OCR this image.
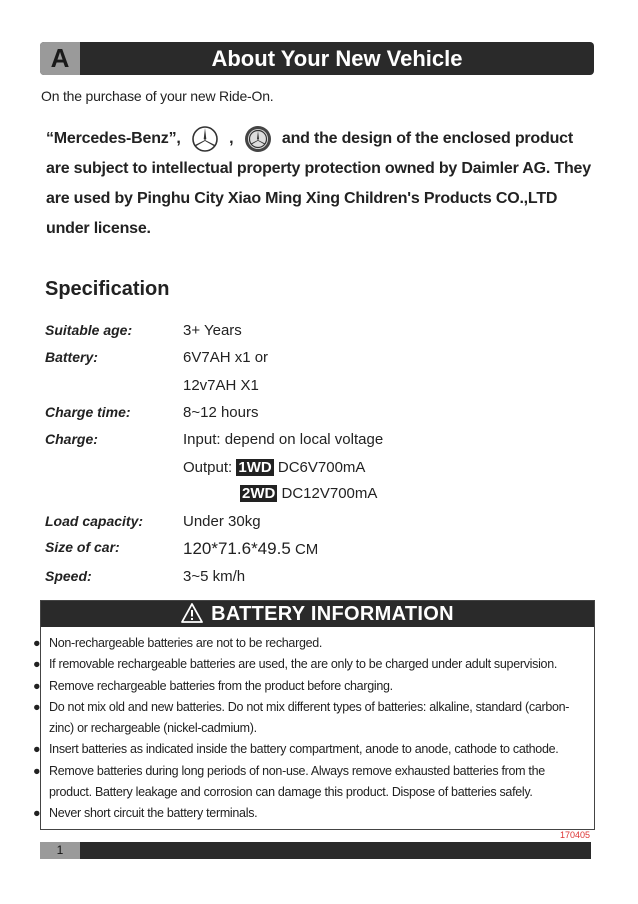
A	About Your New Vehicle
On the purchase of your new Ride-On.
“Mercedes-Benz”,	,	and the design of the enclosed product
are subject to intellectual property protection owned by Daimler AG. They
are used by Pinghu City Xiao Ming Xing Children's Products CO.,LTD
under license.
Specification
Suitable age:	3+ Years
Battery:	6V7AH x1 or
12v7AH X1
Charge time:	8~12 hours
Charge:	Input: depend on local voltage
Output: 1WD DC6V700mA
2WD DC12V700mA
Load capacity:	Under 30kg
Size of car:	120*71.6*49.5 CM
Speed:	3~5 km/h
BATTERY INFORMATION
● Non-rechargeable batteries are not to be recharged.
● If removable rechargeable batteries are used, the are only to be charged under adult supervision.
● Remove rechargeable batteries from the product before charging.
● Do not mix old and new batteries. Do not mix different types of batteries: alkaline, standard (carbon-zinc) or rechargeable (nickel-cadmium).
● Insert batteries as indicated inside the battery compartment, anode to anode, cathode to cathode.
● Remove batteries during long periods of non-use. Always remove exhausted batteries from the product. Battery leakage and corrosion can damage this product. Dispose of batteries safely.
● Never short circuit the battery terminals.
170405
1
